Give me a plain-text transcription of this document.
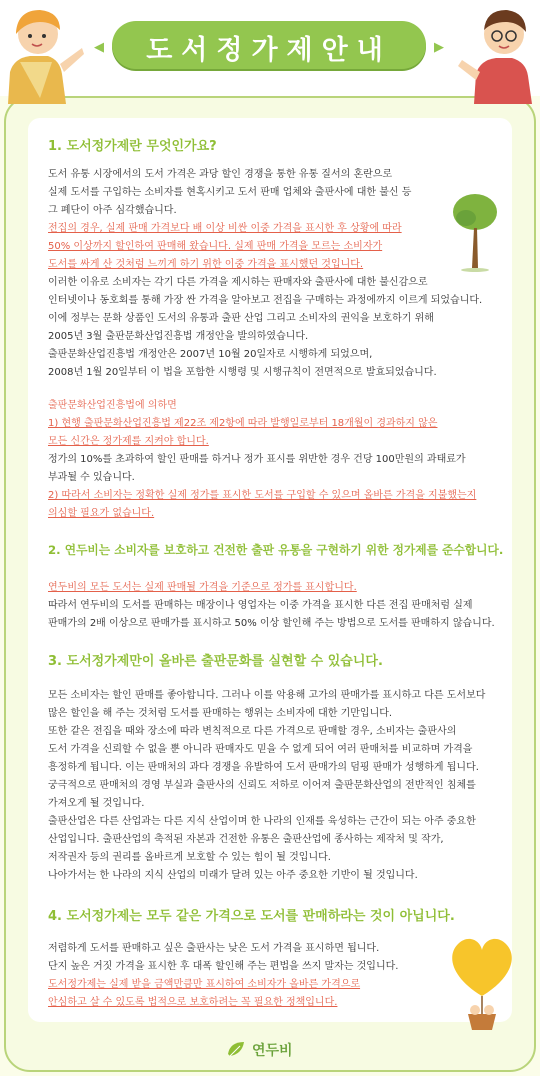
◀	도서정가제안내	▶
1. 도서정가제란 무엇인가요?
도서 유통 시장에서의 도서 가격은 과당 할인 경쟁을 통한 유통 질서의 혼란으로
실제 도서를 구입하는 소비자를 현혹시키고 도서 판매 업체와 출판사에 대한 불신 등
그 폐단이 아주 심각했습니다.
전집의 경우, 실제 판매 가격보다 배 이상 비싼 이중 가격을 표시한 후 상황에 따라
50% 이상까지 할인하여 판매해 왔습니다. 실제 판매 가격을 모르는 소비자가
도서를 싸게 산 것처럼 느끼게 하기 위한 이중 가격을 표시했던 것입니다.
이러한 이유로 소비자는 각기 다른 가격을 제시하는 판매자와 출판사에 대한 불신감으로
인터넷이나 동호회를 통해 가장 싼 가격을 알아보고 전집을 구매하는 과정에까지 이르게 되었습니다.
이에 정부는 문화 상품인 도서의 유통과 출판 산업 그리고 소비자의 권익을 보호하기 위해
2005년 3월 출판문화산업진흥법 개정안을 발의하였습니다.
출판문화산업진흥법 개정안은 2007년 10월 20일자로 시행하게 되었으며,
2008년 1월 20일부터 이 법을 포함한 시행령 및 시행규칙이 전면적으로 발효되었습니다.
출판문화산업진흥법에 의하면
1) 현행 출판문화산업진흥법 제22조 제2항에 따라 발행일로부터 18개월이 경과하지 않은
모든 신간은 정가제를 지켜야 합니다.
정가의 10%를 초과하여 할인 판매를 하거나 정가 표시를 위반한 경우 건당 100만원의 과태료가
부과될 수 있습니다.
2) 따라서 소비자는 정확한 실제 정가를 표시한 도서를 구입할 수 있으며 올바른 가격을 지불했는지
의심할 필요가 없습니다.
2. 연두비는 소비자를 보호하고 건전한 출판 유통을 구현하기 위한 정가제를 준수합니다.
연두비의 모든 도서는 실제 판매될 가격을 기준으로 정가를 표시합니다.
따라서 연두비의 도서를 판매하는 매장이나 영업자는 이중 가격을 표시한 다른 전집 판매처럼 실제
판매가의 2배 이상으로 판매가를 표시하고 50% 이상 할인해 주는 방법으로 도서를 판매하지 않습니다.
3. 도서정가제만이 올바른 출판문화를 실현할 수 있습니다.
모든 소비자는 할인 판매를 좋아합니다. 그러나 이를 악용해 고가의 판매가를 표시하고 다른 도서보다
많은 할인을 해 주는 것처럼 도서를 판매하는 행위는 소비자에 대한 기만입니다.
또한 같은 전집을 때와 장소에 따라 변칙적으로 다른 가격으로 판매할 경우, 소비자는 출판사의
도서 가격을 신뢰할 수 없을 뿐 아니라 판매자도 믿을 수 없게 되어 여러 판매처를 비교하며 가격을
흥정하게 됩니다. 이는 판매처의 과다 경쟁을 유발하여 도서 판매가의 덤핑 판매가 성행하게 됩니다.
궁극적으로 판매처의 경영 부실과 출판사의 신뢰도 저하로 이어져 출판문화산업의 전반적인 침체를
가져오게 될 것입니다.
출판산업은 다른 산업과는 다른 지식 산업이며 한 나라의 인재를 육성하는 근간이 되는 아주 중요한
산업입니다. 출판산업의 축적된 자본과 건전한 유통은 출판산업에 종사하는 제작처 및 작가,
저작권자 등의 권리를 올바르게 보호할 수 있는 힘이 될 것입니다.
나아가서는 한 나라의 지식 산업의 미래가 달려 있는 아주 중요한 기반이 될 것입니다.
4. 도서정가제는 모두 같은 가격으로 도서를 판매하라는 것이 아닙니다.
저렴하게 도서를 판매하고 싶은 출판사는 낮은 도서 가격을 표시하면 됩니다.
단지 높은 거짓 가격을 표시한 후 대폭 할인해 주는 편법을 쓰지 말자는 것입니다.
도서정가제는 실제 받을 금액만큼만 표시하여 소비자가 올바른 가격으로
안심하고 살 수 있도록 법적으로 보호하려는 꼭 필요한 정책입니다.
연두비
